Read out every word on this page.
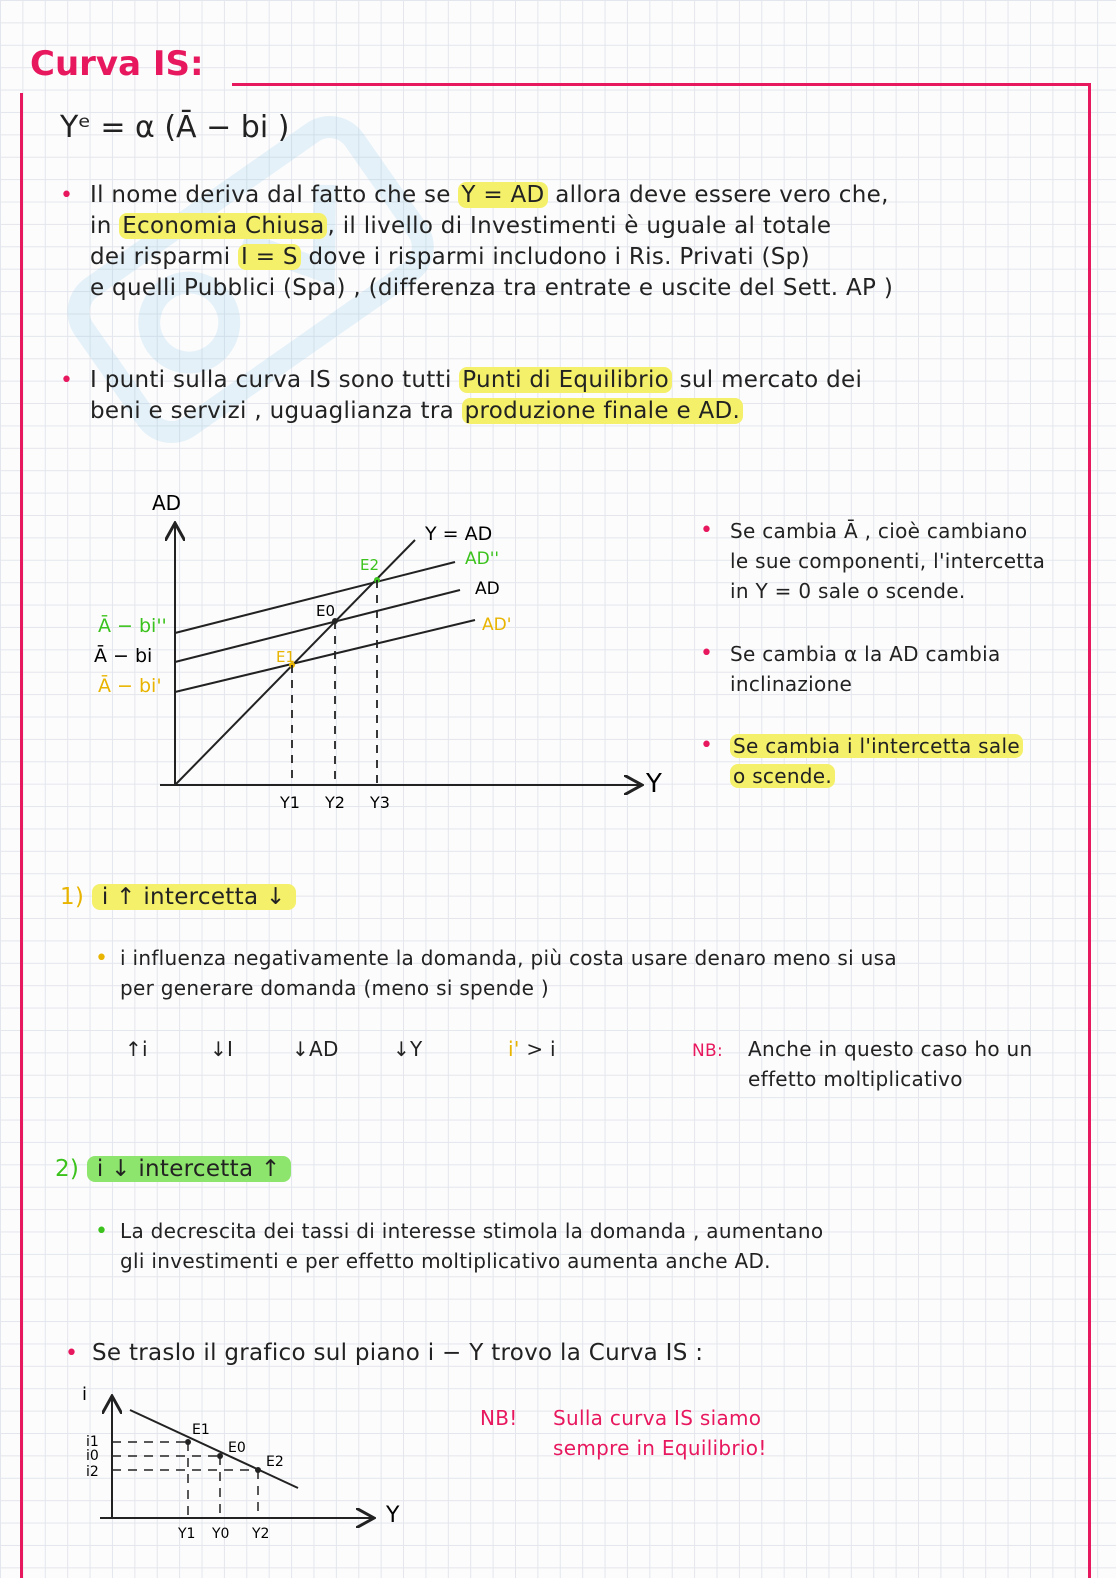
Curva IS:
Yᵉ = α (Ā − bi )
• Il nome deriva dal fatto che se Y = AD allora deve essere vero che,
in Economia Chiusa , il livello di Investimenti è uguale al totale
dei risparmi I = S dove i risparmi includono i Ris. Privati (Sp)
e quelli Pubblici (Spa) , (differenza tra entrate e uscite del Sett. AP )
• I punti sulla curva IS sono tutti Punti di Equilibrio sul mercato dei
beni e servizi , uguaglianza tra produzione finale e AD.
AD
Y
Y = AD
AD''
AD
AD'
Ā − bi''
Ā − bi
Ā − bi'
E2
E0
E1
Y1 Y2 Y3
• Se cambia Ā , cioè cambiano
le sue componenti, l'intercetta
in Y = 0 sale o scende.
• Se cambia α la AD cambia
inclinazione
• Se cambia i l'intercetta sale
o scende.
1) i ↑ intercetta ↓
• i influenza negativamente la domanda, più costa usare denaro meno si usa
per generare domanda (meno si spende )
↑i	↓I	↓AD	↓Y	i' > i	NB: Anche in questo caso ho un
effetto moltiplicativo
2) i ↓ intercetta ↑
• La decrescita dei tassi di interesse stimola la domanda , aumentano
gli investimenti e per effetto moltiplicativo aumenta anche AD.
• Se traslo il grafico sul piano i − Y trovo la Curva IS :
i
Y
E1
E0
E2
i1
i0
i2
Y1 Y0 Y2
NB! Sulla curva IS siamo
sempre in Equilibrio!
